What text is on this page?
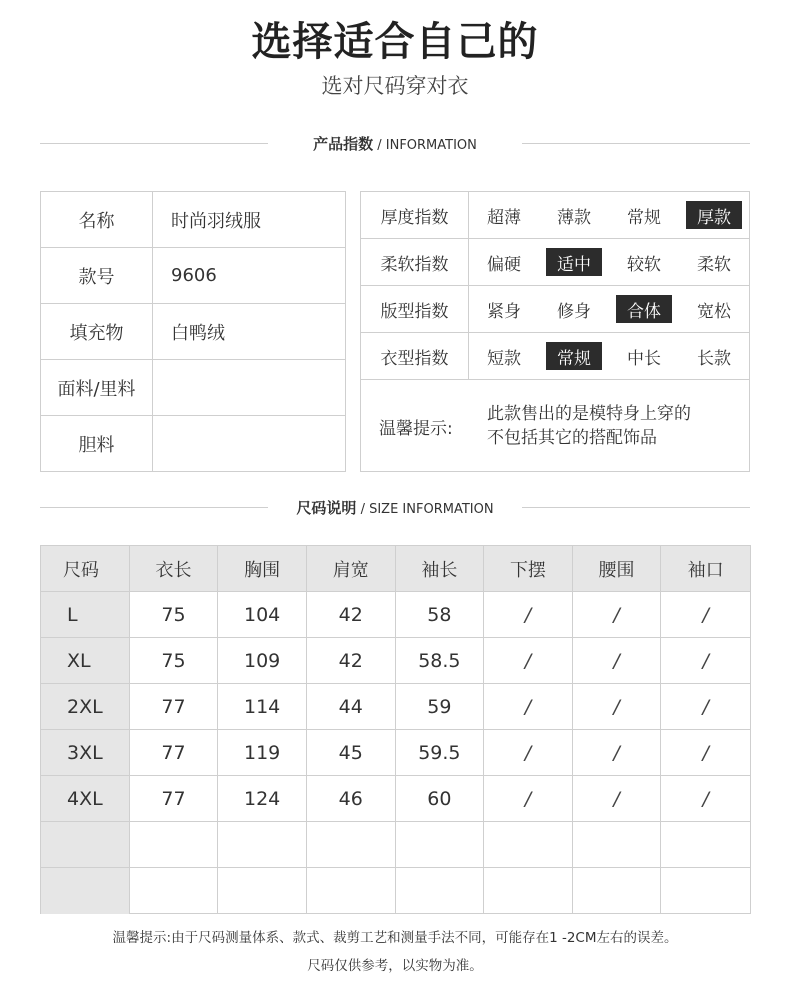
选择适合自己的
选对尺码穿对衣
产品指数 / INFORMATION
名称	时尚羽绒服
款号	9606
填充物	白鸭绒
面料/里料
胆料
厚度指数	超薄	薄款	常规	厚款
柔软指数	偏硬	适中	较软	柔软
版型指数	紧身	修身	合体	宽松
衣型指数	短款	常规	中长	长款
温馨提示:
此款售出的是模特身上穿的
不包括其它的搭配饰品
尺码说明 / SIZE INFORMATION
尺码	衣长	胸围	肩宽	袖长	下摆	腰围	袖口
L	75	104	42	58	/	/	/
XL	75	109	42	58.5	/	/	/
2XL	77	114	44	59	/	/	/
3XL	77	119	45	59.5	/	/	/
4XL	77	124	46	60	/	/	/
温馨提示:由于尺码测量体系、款式、裁剪工艺和测量手法不同，可能存在1 -2CM左右的误差。
尺码仅供参考，以实物为准。
